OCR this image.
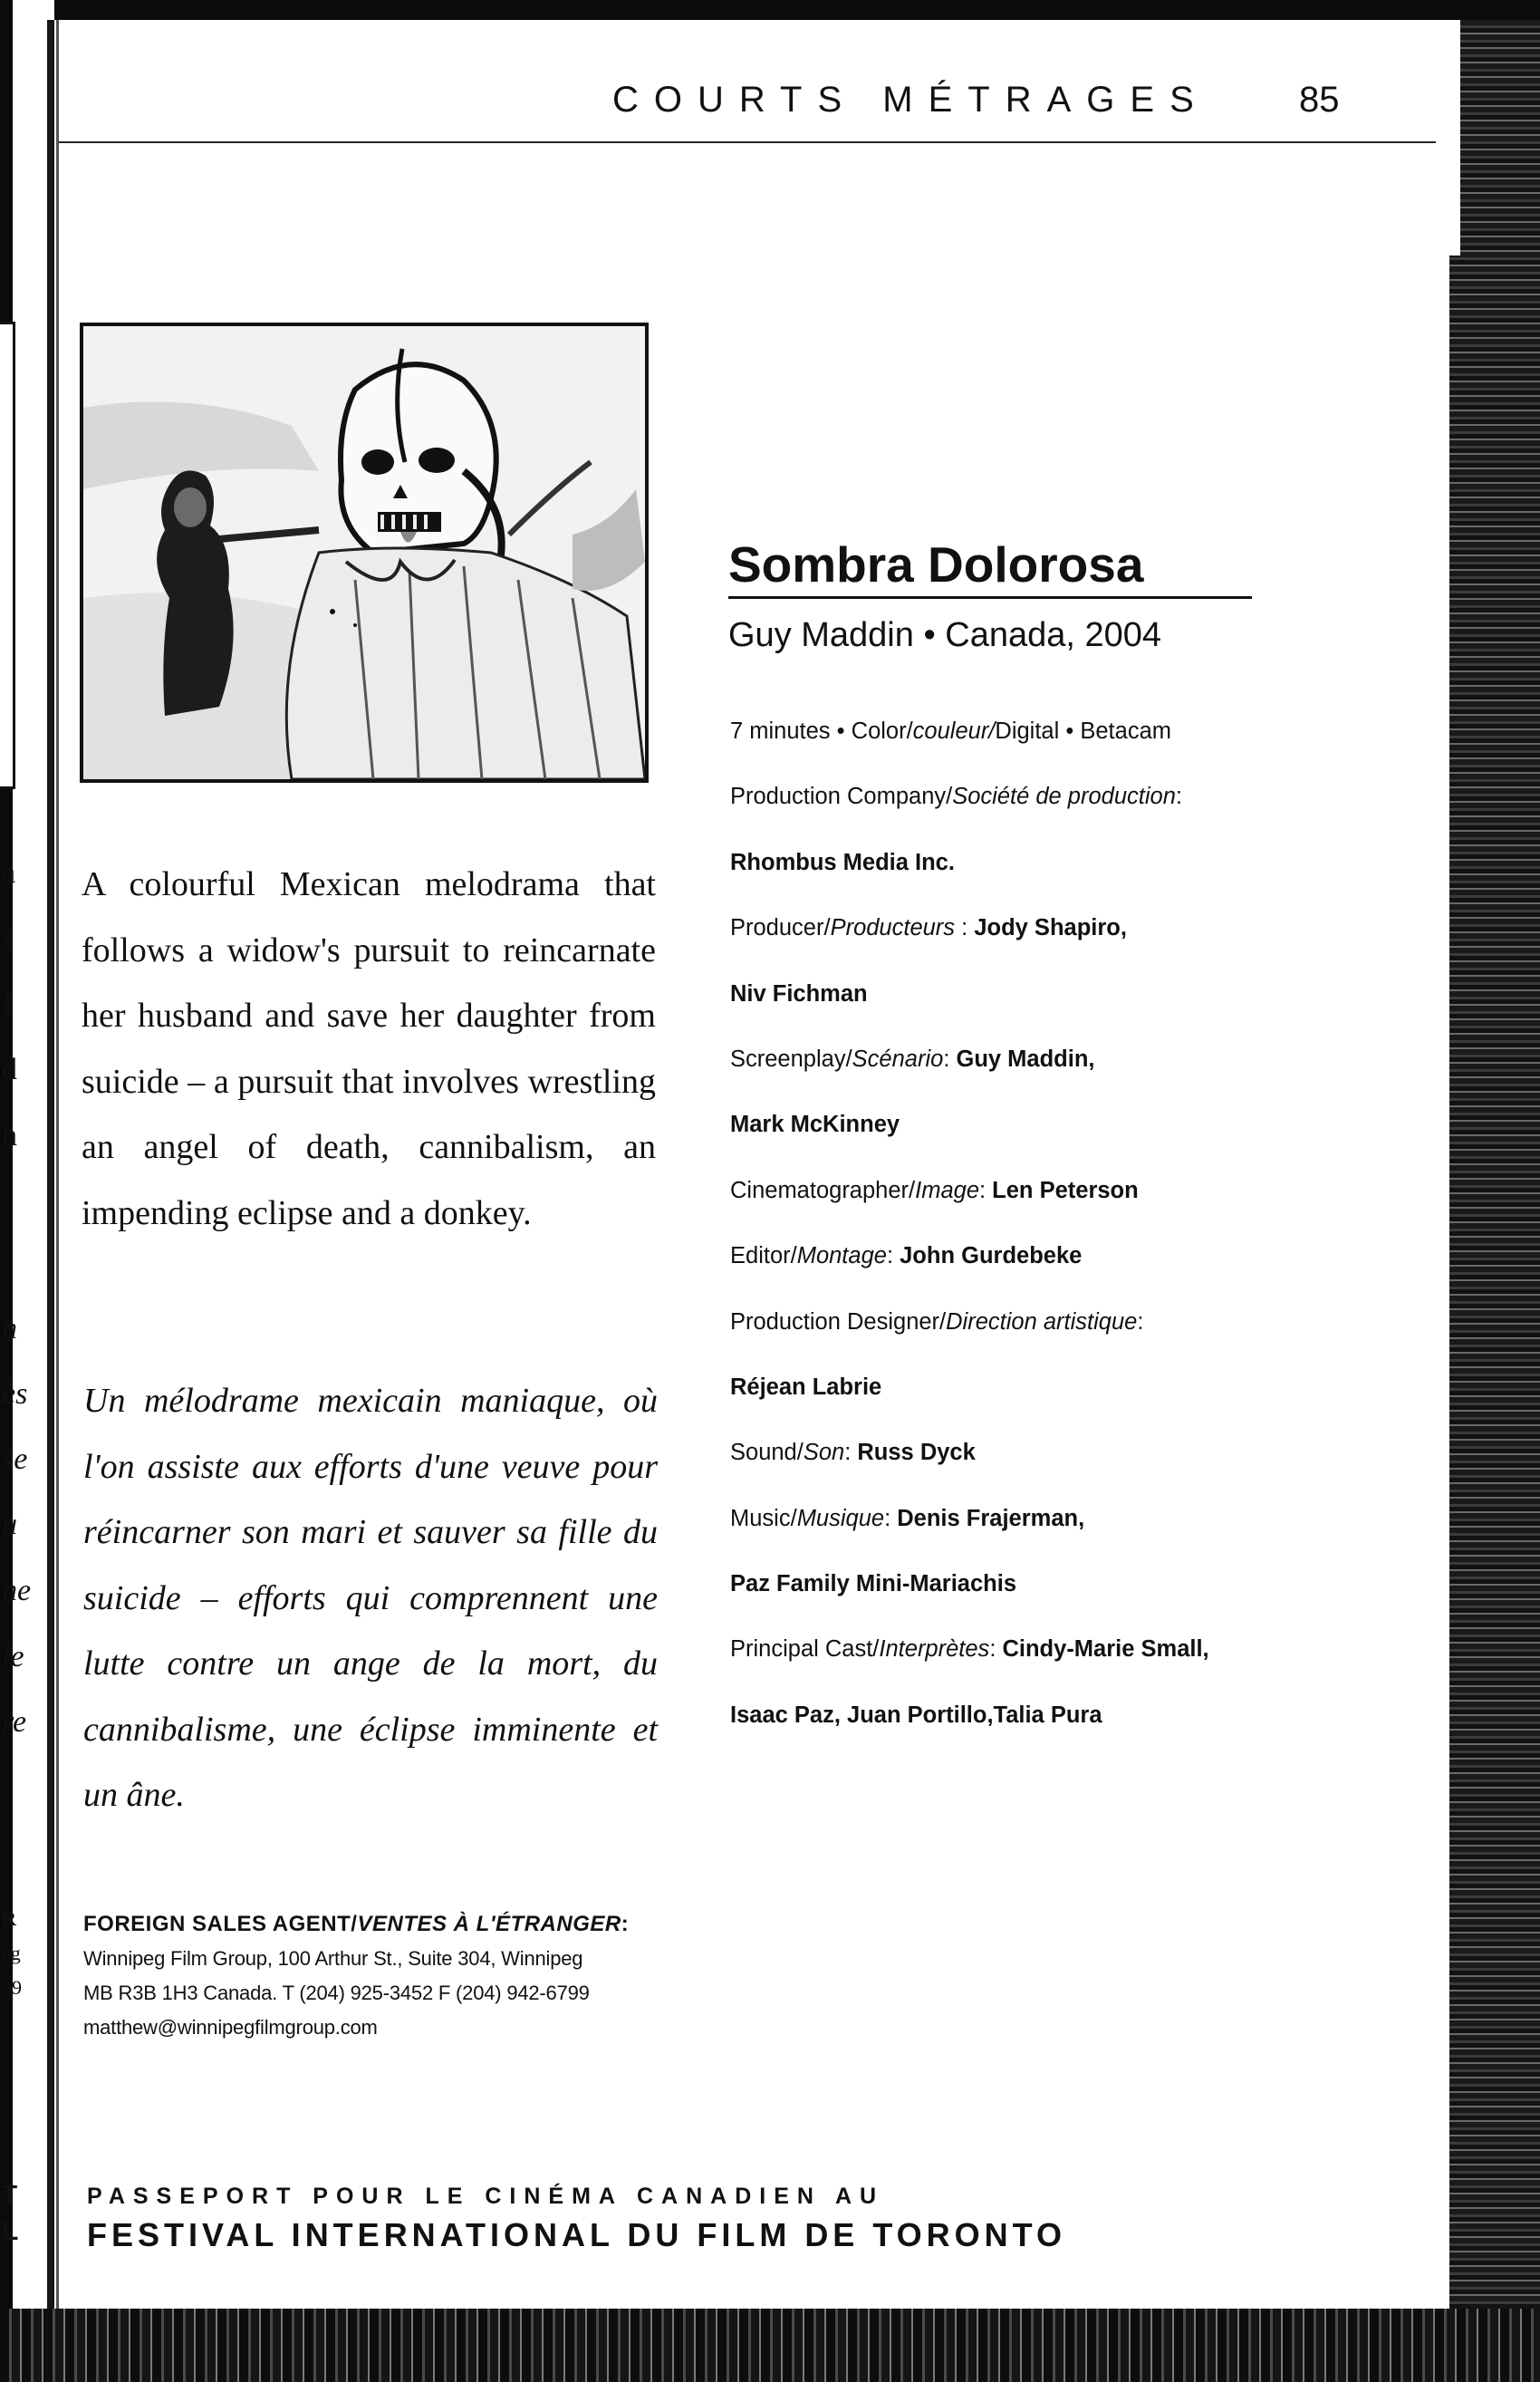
a
s
f
d
h
n
ès
se
u
ne
le
re
R
eg
39
T
L
COURTS MÉTRAGES	85
Sombra Dolorosa
Guy Maddin • Canada, 2004
7 minutes • Color/couleur/Digital • Betacam
Production Company/Société de production:
Rhombus Media Inc.
Producer/Producteurs : Jody Shapiro,
Niv Fichman
Screenplay/Scénario: Guy Maddin,
Mark McKinney
Cinematographer/Image: Len Peterson
Editor/Montage: John Gurdebeke
Production Designer/Direction artistique:
Réjean Labrie
Sound/Son: Russ Dyck
Music/Musique: Denis Frajerman,
Paz Family Mini-Mariachis
Principal Cast/Interprètes: Cindy-Marie Small,
Isaac Paz, Juan Portillo,Talia Pura
A colourful Mexican melodrama that follows a widow's pursuit to reincarnate her husband and save her daughter from suicide – a pursuit that involves wrestling an angel of death, cannibalism, an impending eclipse and a donkey.
Un mélodrame mexicain maniaque, où l'on assiste aux efforts d'une veuve pour réincarner son mari et sauver sa fille du suicide – efforts qui comprennent une lutte contre un ange de la mort, du cannibalisme, une éclipse imminente et un âne.
FOREIGN SALES AGENT/VENTES À L'ÉTRANGER:
Winnipeg Film Group, 100 Arthur St., Suite 304, Winnipeg
MB R3B 1H3 Canada. T (204) 925-3452 F (204) 942-6799
matthew@winnipegfilmgroup.com
PASSEPORT POUR LE CINÉMA CANADIEN AU
FESTIVAL INTERNATIONAL DU FILM DE TORONTO
